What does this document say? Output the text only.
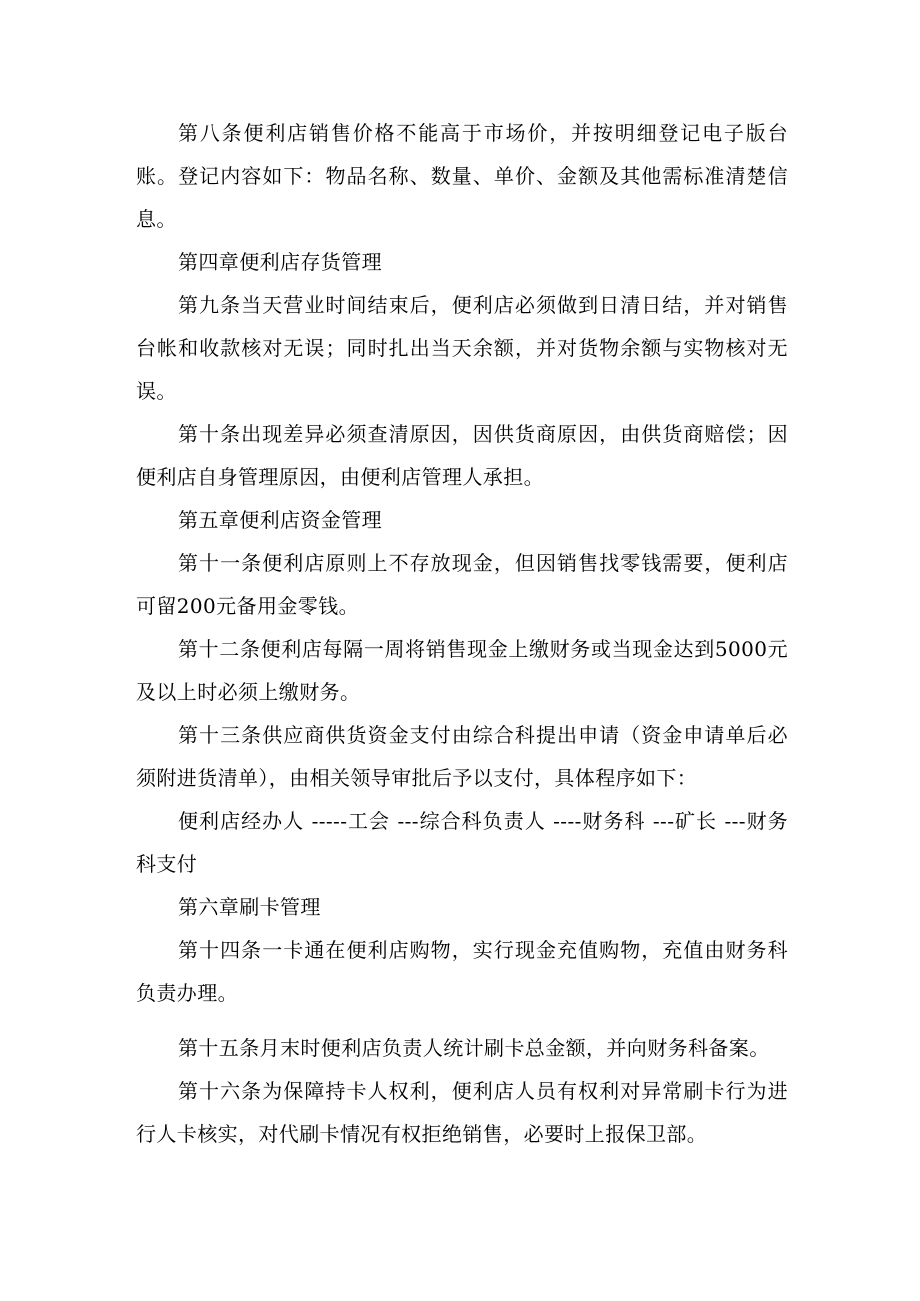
第八条便利店销售价格不能高于市场价，并按明细登记电子版台账。登记内容如下：物品名称、数量、单价、金额及其他需标准清楚信息。

第四章便利店存货管理

第九条当天营业时间结束后，便利店必须做到日清日结，并对销售台帐和收款核对无误；同时扎出当天余额，并对货物余额与实物核对无误。

第十条出现差异必须查清原因，因供货商原因，由供货商赔偿；因便利店自身管理原因，由便利店管理人承担。

第五章便利店资金管理

第十一条便利店原则上不存放现金，但因销售找零钱需要，便利店可留200元备用金零钱。

第十二条便利店每隔一周将销售现金上缴财务或当现金达到5000元及以上时必须上缴财务。

第十三条供应商供货资金支付由综合科提出申请（资金申请单后必须附进货清单），由相关领导审批后予以支付，具体程序如下：

便利店经办人 -----工会 ---综合科负责人 ----财务科 ---矿长 ---财务科支付

第六章刷卡管理

第十四条一卡通在便利店购物，实行现金充值购物，充值由财务科负责办理。

第十五条月末时便利店负责人统计刷卡总金额，并向财务科备案。

第十六条为保障持卡人权利，便利店人员有权利对异常刷卡行为进行人卡核实，对代刷卡情况有权拒绝销售，必要时上报保卫部。
